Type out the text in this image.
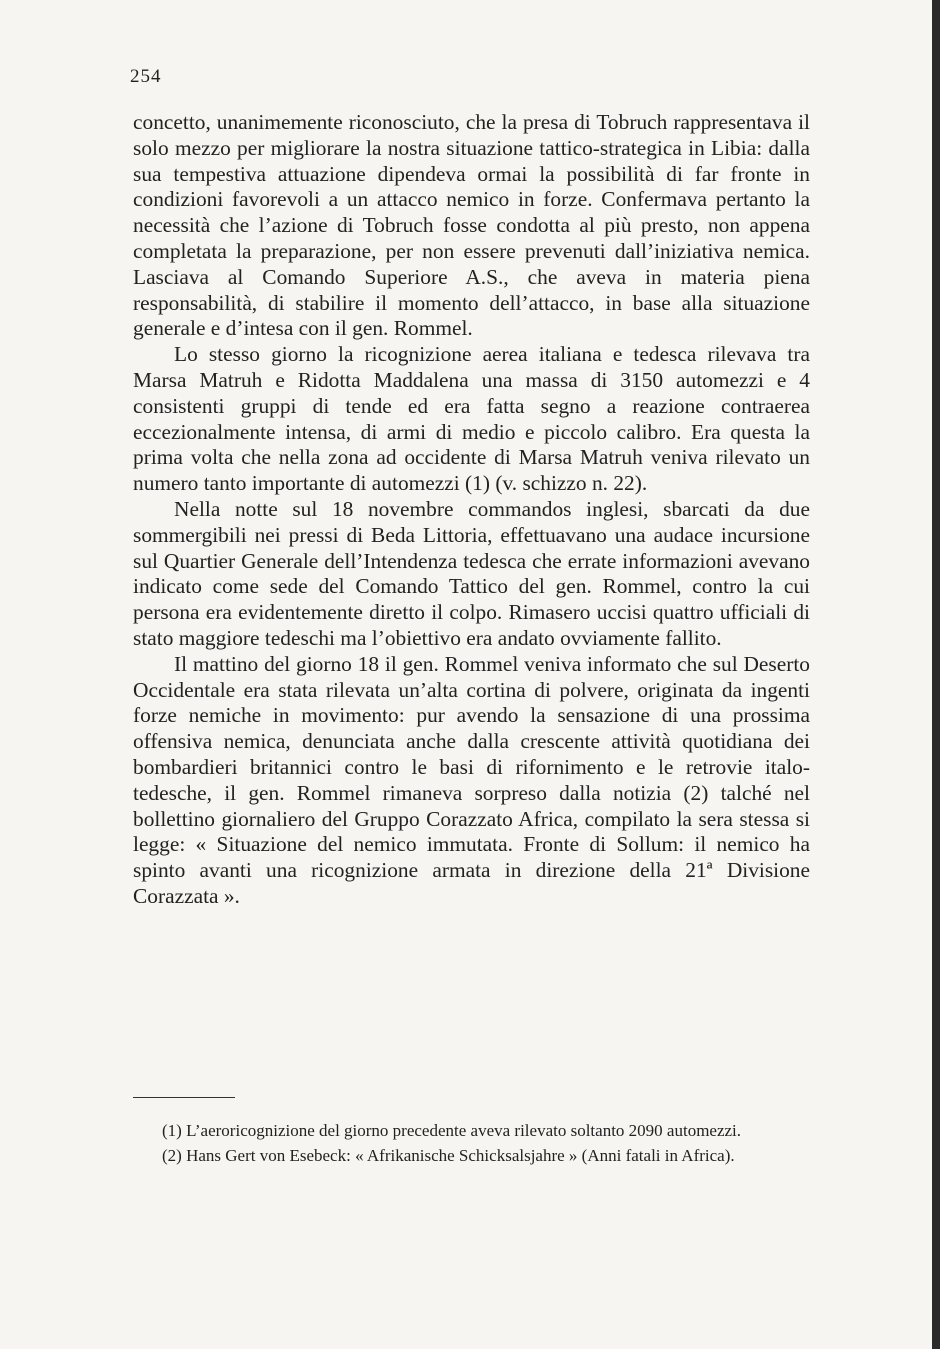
254

concetto, unanimemente riconosciuto, che la presa di Tobruch rappresentava il solo mezzo per migliorare la nostra situazione tattico-strategica in Libia: dalla sua tempestiva attuazione dipendeva ormai la possibilità di far fronte in condizioni favorevoli a un attacco nemico in forze. Confermava pertanto la necessità che l’azione di Tobruch fosse condotta al più presto, non appena completata la preparazione, per non essere prevenuti dall’iniziativa nemica. Lasciava al Comando Superiore A.S., che aveva in materia piena responsabilità, di stabilire il momento dell’attacco, in base alla situazione generale e d’intesa con il gen. Rommel.

Lo stesso giorno la ricognizione aerea italiana e tedesca rilevava tra Marsa Matruh e Ridotta Maddalena una massa di 3150 automezzi e 4 consistenti gruppi di tende ed era fatta segno a reazione contraerea eccezionalmente intensa, di armi di medio e piccolo calibro. Era questa la prima volta che nella zona ad occidente di Marsa Matruh veniva rilevato un numero tanto importante di automezzi (1) (v. schizzo n. 22).

Nella notte sul 18 novembre commandos inglesi, sbarcati da due sommergibili nei pressi di Beda Littoria, effettuavano una audace incursione sul Quartier Generale dell’Intendenza tedesca che errate informazioni avevano indicato come sede del Comando Tattico del gen. Rommel, contro la cui persona era evidentemente diretto il colpo. Rimasero uccisi quattro ufficiali di stato maggiore tedeschi ma l’obiettivo era andato ovviamente fallito.

Il mattino del giorno 18 il gen. Rommel veniva informato che sul Deserto Occidentale era stata rilevata un’alta cortina di polvere, originata da ingenti forze nemiche in movimento: pur avendo la sensazione di una prossima offensiva nemica, denunciata anche dalla crescente attività quotidiana dei bombardieri britannici contro le basi di rifornimento e le retrovie italo-tedesche, il gen. Rommel rimaneva sorpreso dalla notizia (2) talché nel bollettino giornaliero del Gruppo Corazzato Africa, compilato la sera stessa si legge: « Situazione del nemico immutata. Fronte di Sollum: il nemico ha spinto avanti una ricognizione armata in direzione della 21ª Divisione Corazzata ».

(1) L’aeroricognizione del giorno precedente aveva rilevato soltanto 2090 automezzi.

(2) Hans Gert von Esebeck: « Afrikanische Schicksalsjahre » (Anni fatali in Africa).
